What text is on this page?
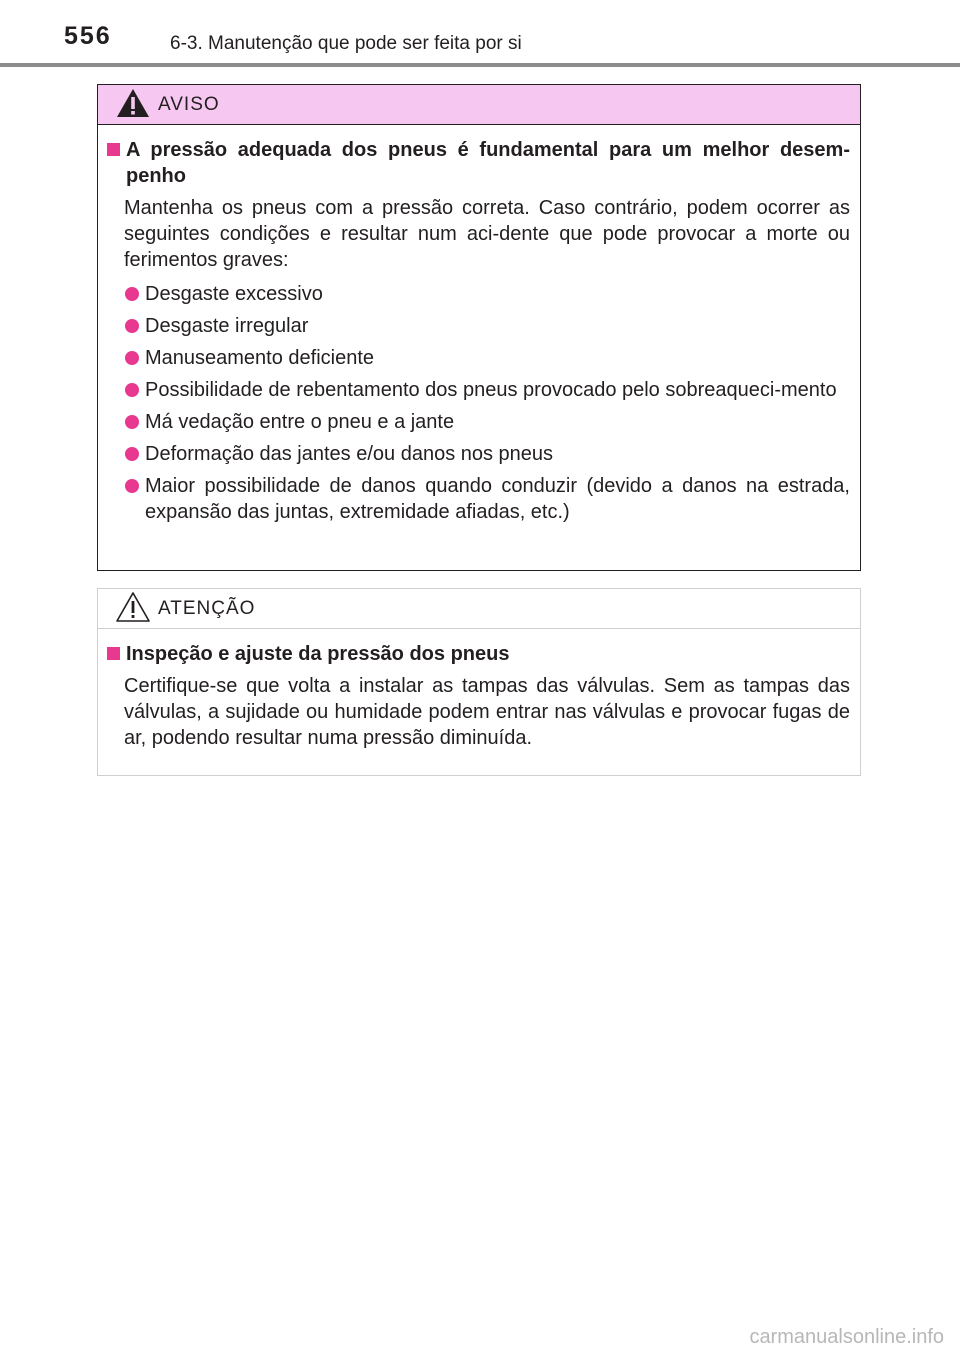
556	6-3. Manutenção que pode ser feita por si
AVISO
A pressão adequada dos pneus é fundamental para um melhor desem-penho
Mantenha os pneus com a pressão correta. Caso contrário, podem ocorrer as seguintes condições e resultar num aci-dente que pode provocar a morte ou ferimentos graves:
Desgaste excessivo
Desgaste irregular
Manuseamento deficiente
Possibilidade de rebentamento dos pneus provocado pelo sobreaqueci-mento
Má vedação entre o pneu e a jante
Deformação das jantes e/ou danos nos pneus
Maior possibilidade de danos quando conduzir (devido a danos na estrada, expansão das juntas, extremidade afiadas, etc.)
ATENÇÃO
Inspeção e ajuste da pressão dos pneus
Certifique-se que volta a instalar as tampas das válvulas. Sem as tampas das válvulas, a sujidade ou humidade podem entrar nas válvulas e provocar fugas de ar, podendo resultar numa pressão diminuída.
carmanualsonline.info
